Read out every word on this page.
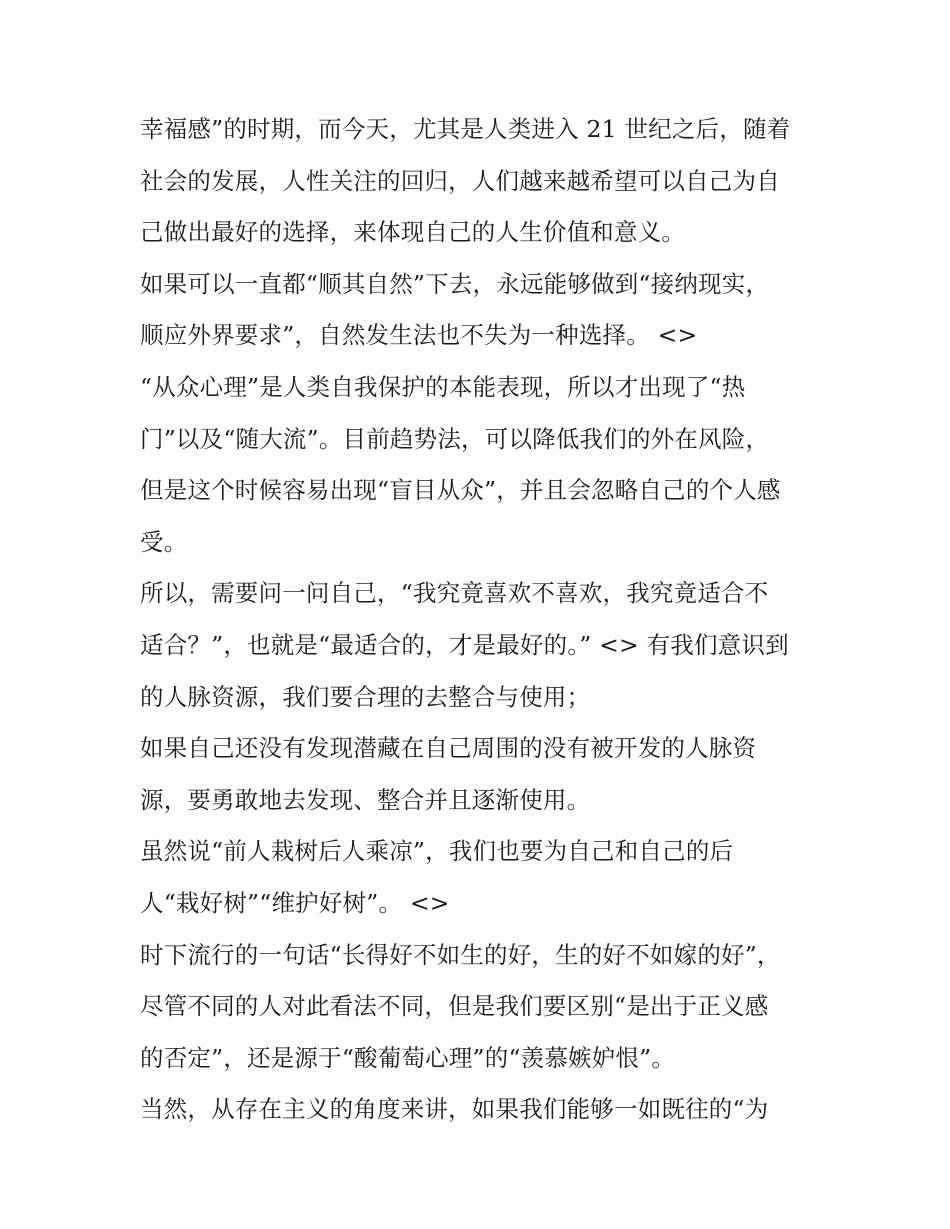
幸福感”的时期，而今天，尤其是人类进入 21 世纪之后，随着
社会的发展，人性关注的回归，人们越来越希望可以自己为自
己做出最好的选择，来体现自己的人生价值和意义。
如果可以一直都“顺其自然”下去，永远能够做到“接纳现实，
顺应外界要求”，自然发生法也不失为一种选择。 <>
“从众心理”是人类自我保护的本能表现，所以才出现了“热
门”以及“随大流”。目前趋势法，可以降低我们的外在风险，
但是这个时候容易出现“盲目从众”，并且会忽略自己的个人感
受。
所以，需要问一问自己，“我究竟喜欢不喜欢，我究竟适合不
适合？”，也就是“最适合的，才是最好的。” <> 有我们意识到
的人脉资源，我们要合理的去整合与使用；
如果自己还没有发现潜藏在自己周围的没有被开发的人脉资
源，要勇敢地去发现、整合并且逐渐使用。
虽然说“前人栽树后人乘凉”，我们也要为自己和自己的后
人“栽好树”“维护好树”。 <>
时下流行的一句话“长得好不如生的好，生的好不如嫁的好”，
尽管不同的人对此看法不同，但是我们要区别“是出于正义感
的否定”，还是源于“酸葡萄心理”的“羡慕嫉妒恨”。
当然，从存在主义的角度来讲，如果我们能够一如既往的“为
